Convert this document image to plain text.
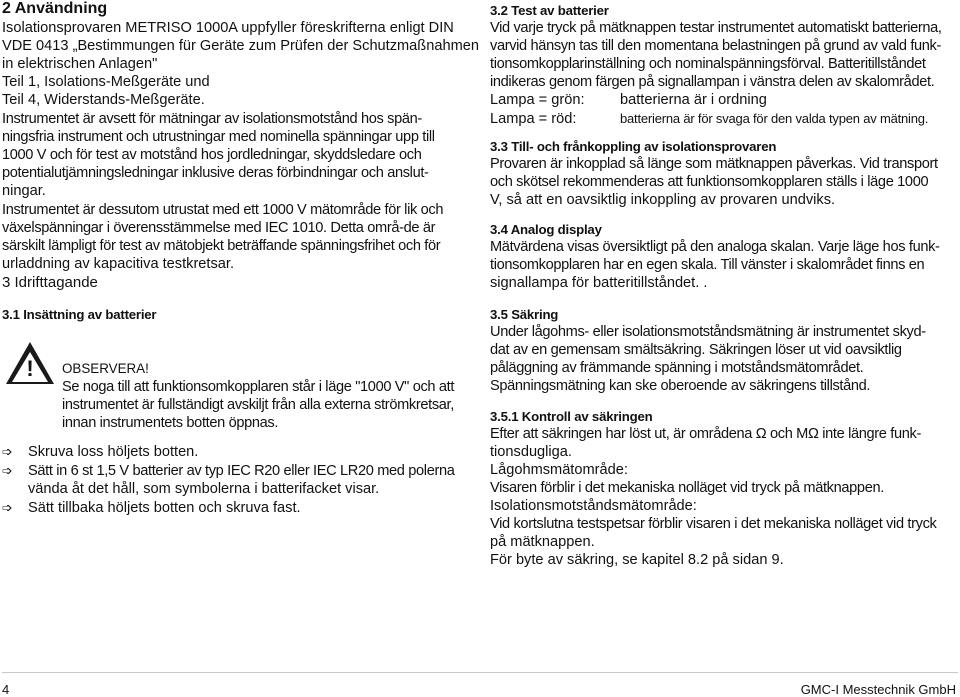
2 Användning
Isolationsprovaren METRISO 1000A uppfyller föreskrifterna enligt DIN
VDE 0413 „Bestimmungen für Geräte zum Prüfen der Schutzmaßnahmen
in elektrischen Anlagen"
Teil 1, Isolations-Meßgeräte und
Teil 4, Widerstands-Meßgeräte.
Instrumentet är avsett för mätningar av isolationsmotstånd hos spän-
ningsfria instrument och utrustningar med nominella spänningar upp till
1000 V och för test av motstånd hos jordledningar, skyddsledare och
potentialutjämningsledningar inklusive deras förbindningar och anslut-
ningar.
Instrumentet är dessutom utrustat med ett 1000 V mätområde för lik och
växelspänningar i överensstämmelse med IEC 1010. Detta områ-de är
särskilt lämpligt för test av mätobjekt beträffande spänningsfrihet och för
urladdning av kapacitiva testkretsar.
3 Idrifttagande
3.1 Insättning av batterier
!	OBSERVERA!
Se noga till att funktionsomkopplaren står i läge "1000 V" och att
instrumentet är fullständigt avskiljt från alla externa strömkretsar,
innan instrumentets botten öppnas.
➩ Skruva loss höljets botten.
➩ Sätt in 6 st 1,5 V batterier av typ IEC R20 eller IEC LR20 med polerna
vända åt det håll, som symbolerna i batterifacket visar.
➩ Sätt tillbaka höljets botten och skruva fast.
3.2 Test av batterier
Vid varje tryck på mätknappen testar instrumentet automatiskt batterierna,
varvid hänsyn tas till den momentana belastningen på grund av vald funk-
tionsomkopplarinställning och nominalspänningsförval. Batteritillståndet
indikeras genom färgen på signallampan i vänstra delen av skalområdet.
Lampa = grön: batterierna är i ordning
Lampa = röd:	batterierna är för svaga för den valda typen av mätning.
3.3 Till- och frånkoppling av isolationsprovaren
Provaren är inkopplad så länge som mätknappen påverkas. Vid transport
och skötsel rekommenderas att funktionsomkopplaren ställs i läge 1000
V, så att en oavsiktlig inkoppling av provaren undviks.
3.4 Analog display
Mätvärdena visas översiktligt på den analoga skalan. Varje läge hos funk-
tionsomkopplaren har en egen skala. Till vänster i skalområdet finns en
signallampa för batteritillståndet. .
3.5 Säkring
Under lågohms- eller isolationsmotståndsmätning är instrumentet skyd-
dat av en gemensam smältsäkring. Säkringen löser ut vid oavsiktlig
påläggning av främmande spänning i motståndsmätområdet.
Spänningsmätning kan ske oberoende av säkringens tillstånd.
3.5.1 Kontroll av säkringen
Efter att säkringen har löst ut, är områdena Ω och MΩ inte längre funk-
tionsdugliga.
Lågohmsmätområde:
Visaren förblir i det mekaniska nolläget vid tryck på mätknappen.
Isolationsmotståndsmätområde:
Vid kortslutna testspetsar förblir visaren i det mekaniska nolläget vid tryck
på mätknappen.
För byte av säkring, se kapitel 8.2 på sidan 9.
4	GMC-I Messtechnik GmbH
